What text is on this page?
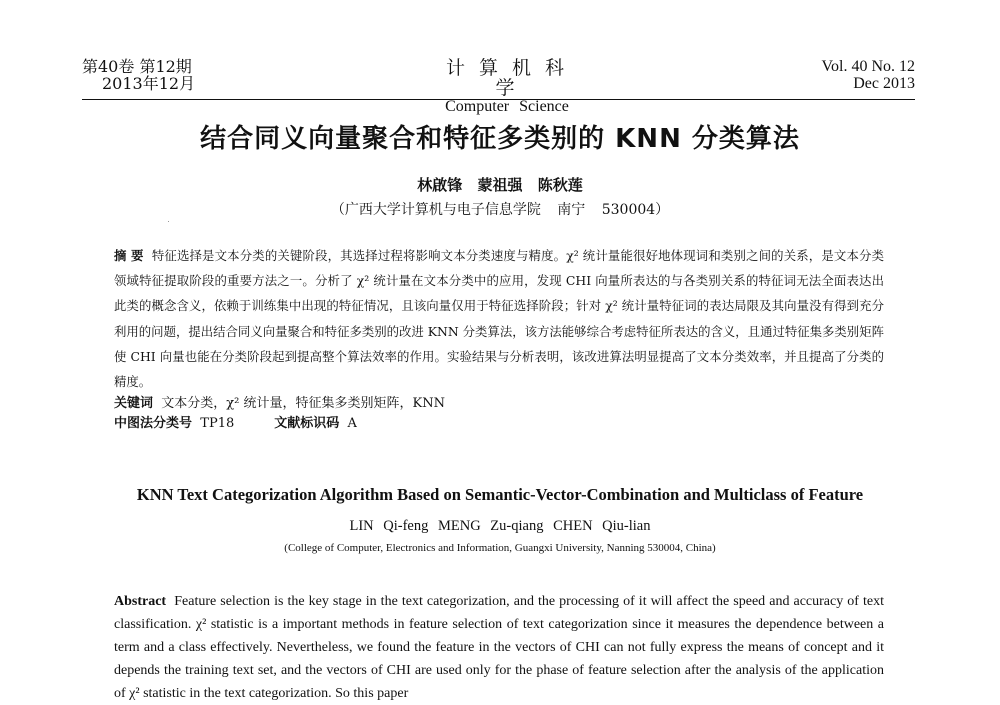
第40卷 第12期
2013年12月
计算机科学
Computer Science
Vol. 40 No. 12
Dec 2013
结合同义向量聚合和特征多类别的 KNN 分类算法
林啟锋 蒙祖强 陈秋莲
（广西大学计算机与电子信息学院 南宁 530004）
摘 要 特征选择是文本分类的关键阶段，其选择过程将影响文本分类速度与精度。χ² 统计量能很好地体现词和类别之间的关系，是文本分类领域特征提取阶段的重要方法之一。分析了 χ² 统计量在文本分类中的应用，发现 CHI 向量所表达的与各类别关系的特征词无法全面表达出此类的概念含义，依赖于训练集中出现的特征情况，且该向量仅用于特征选择阶段；针对 χ² 统计量特征词的表达局限及其向量没有得到充分利用的问题，提出结合同义向量聚合和特征多类别的改进 KNN 分类算法，该方法能够综合考虑特征所表达的含义，且通过特征集多类别矩阵使 CHI 向量也能在分类阶段起到提高整个算法效率的作用。实验结果与分析表明，该改进算法明显提高了文本分类效率，并且提高了分类的精度。
关键词 文本分类，χ² 统计量，特征集多类别矩阵，KNN
中图法分类号 TP18	文献标识码 A
KNN Text Categorization Algorithm Based on Semantic-Vector-Combination and Multiclass of Feature
LIN Qi-feng MENG Zu-qiang CHEN Qiu-lian
(College of Computer, Electronics and Information, Guangxi University, Nanning 530004, China)
Abstract Feature selection is the key stage in the text categorization, and the processing of it will affect the speed and accuracy of text classification. χ² statistic is a important methods in feature selection of text categorization since it measures the dependence between a term and a class effectively. Nevertheless, we found the feature in the vectors of CHI can not fully express the means of concept and it depends the training text set, and the vectors of CHI are used only for the phase of feature selection after the analysis of the application of χ² statistic in the text categorization. So this paper
